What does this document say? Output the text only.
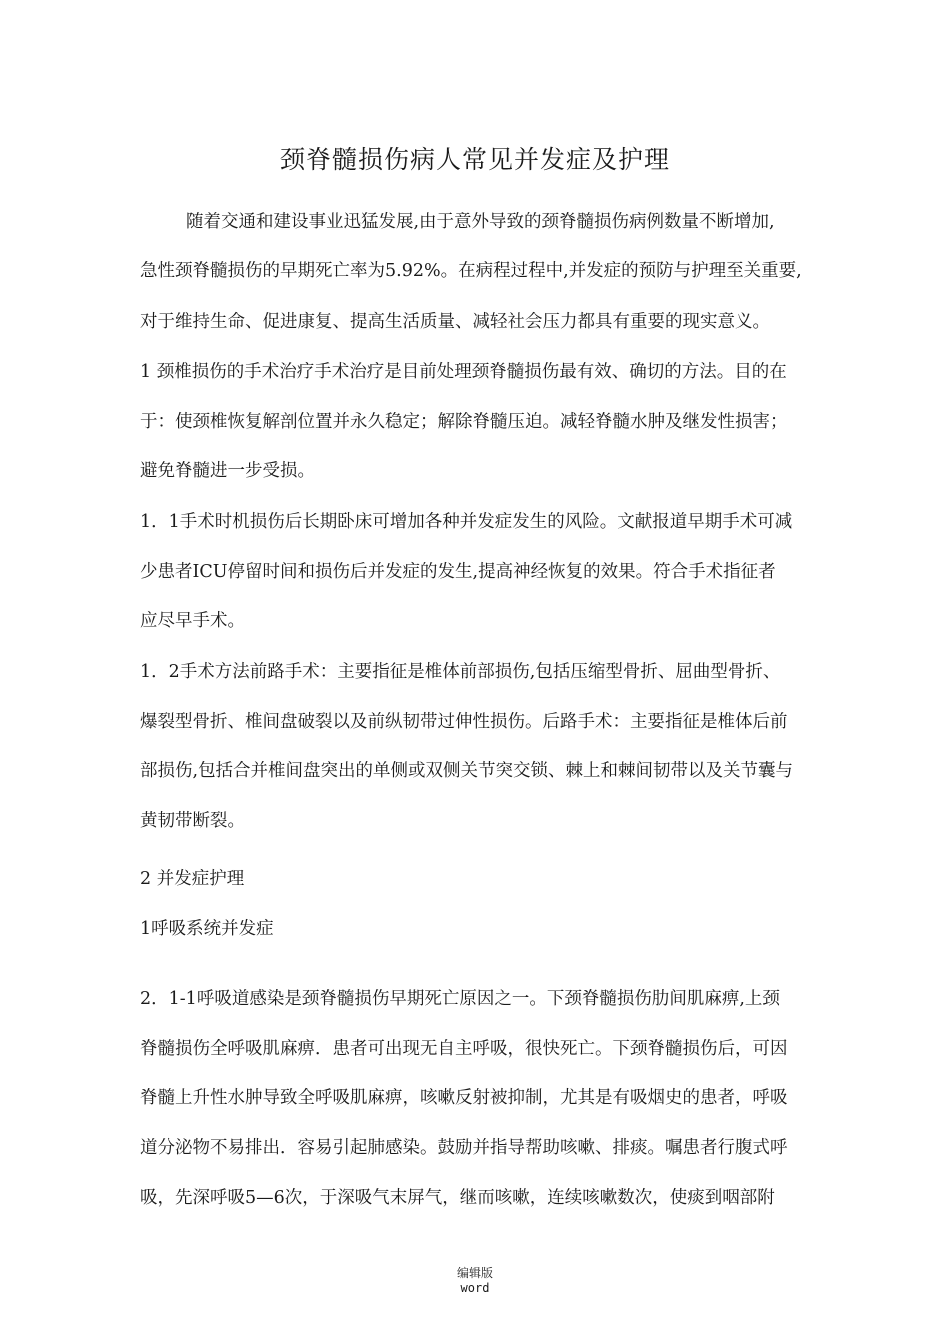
颈脊髓损伤病人常见并发症及护理
随着交通和建设事业迅猛发展,由于意外导致的颈脊髓损伤病例数量不断增加,
急性颈脊髓损伤的早期死亡率为5.92%。在病程过程中,并发症的预防与护理至关重要,
对于维持生命、促进康复、提高生活质量、减轻社会压力都具有重要的现实意义。
1 颈椎损伤的手术治疗手术治疗是目前处理颈脊髓损伤最有效、确切的方法。目的在
于：使颈椎恢复解剖位置并永久稳定；解除脊髓压迫。减轻脊髓水肿及继发性损害；
避免脊髓进一步受损。
1．1手术时机损伤后长期卧床可增加各种并发症发生的风险。文献报道早期手术可减
少患者ICU停留时间和损伤后并发症的发生,提高神经恢复的效果。符合手术指征者
应尽早手术。
1．2手术方法前路手术：主要指征是椎体前部损伤,包括压缩型骨折、屈曲型骨折、
爆裂型骨折、椎间盘破裂以及前纵韧带过伸性损伤。后路手术：主要指征是椎体后前
部损伤,包括合并椎间盘突出的单侧或双侧关节突交锁、棘上和棘间韧带以及关节囊与
黄韧带断裂。
2 并发症护理
1呼吸系统并发症
2．1-1呼吸道感染是颈脊髓损伤早期死亡原因之一。下颈脊髓损伤肋间肌麻痹,上颈
脊髓损伤全呼吸肌麻痹．患者可出现无自主呼吸，很快死亡。下颈脊髓损伤后，可因
脊髓上升性水肿导致全呼吸肌麻痹，咳嗽反射被抑制，尤其是有吸烟史的患者，呼吸
道分泌物不易排出．容易引起肺感染。鼓励并指导帮助咳嗽、排痰。嘱患者行腹式呼
吸，先深呼吸5—6次，于深吸气末屏气，继而咳嗽，连续咳嗽数次，使痰到咽部附
编辑版
word
